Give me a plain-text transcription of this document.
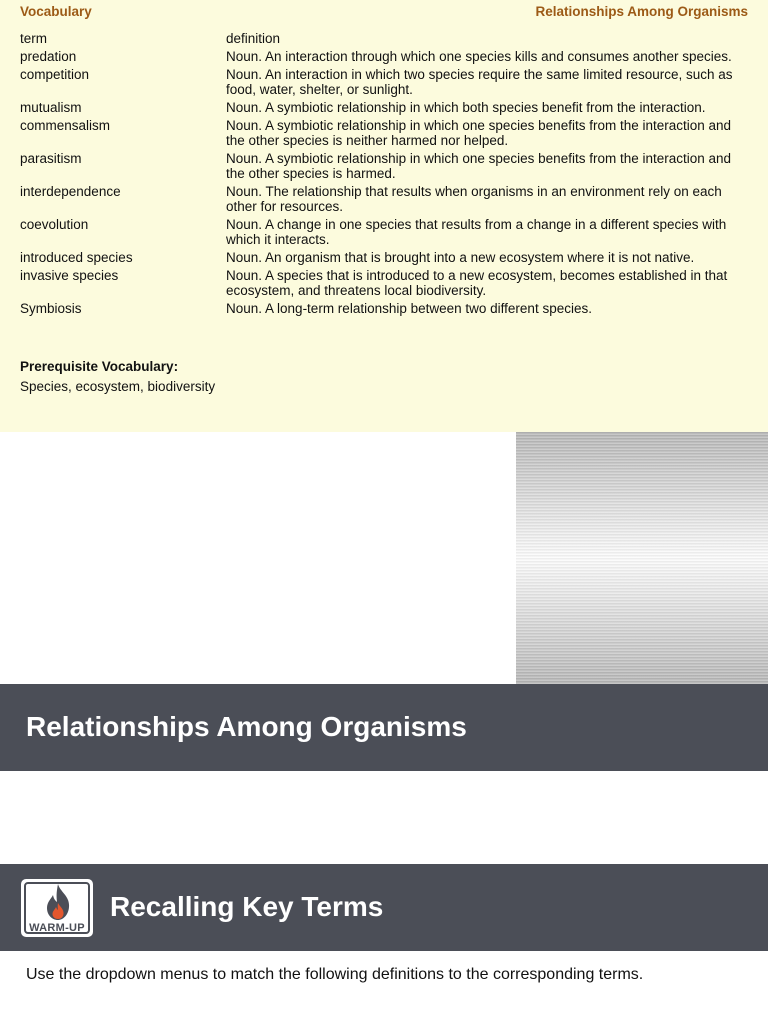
Vocabulary	Relationships Among Organisms
term	definition
predation	Noun. An interaction through which one species kills and consumes another species.
competition	Noun. An interaction in which two species require the same limited resource, such as food, water, shelter, or sunlight.
mutualism	Noun. A symbiotic relationship in which both species benefit from the interaction.
commensalism	Noun. A symbiotic relationship in which one species benefits from the interaction and the other species is neither harmed nor helped.
parasitism	Noun. A symbiotic relationship in which one species benefits from the interaction and the other species is harmed.
interdependence	Noun. The relationship that results when organisms in an environment rely on each other for resources.
coevolution	Noun. A change in one species that results from a change in a different species with which it interacts.
introduced species	Noun. An organism that is brought into a new ecosystem where it is not native.
invasive species	Noun. A species that is introduced to a new ecosystem, becomes established in that ecosystem, and threatens local biodiversity.
Symbiosis	Noun. A long-term relationship between two different species.
Prerequisite Vocabulary:
Species, ecosystem, biodiversity
Relationships Among Organisms
Recalling Key Terms
WARM-UP
Use the dropdown menus to match the following definitions to the corresponding terms.
